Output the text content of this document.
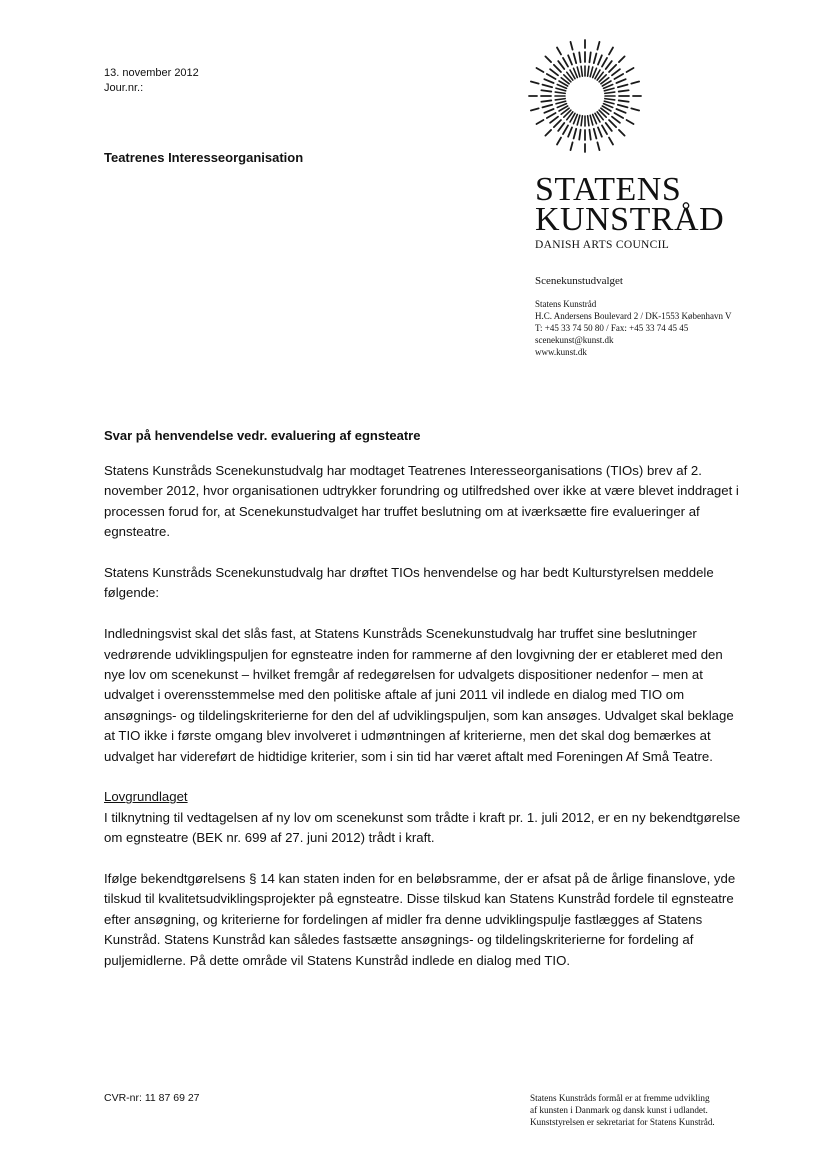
13. november 2012
Jour.nr.:
Teatrenes Interesseorganisation
STATENS
KUNSTRÅD
DANISH ARTS COUNCIL
Scenekunstudvalget
Statens Kunstråd
H.C. Andersens Boulevard 2 / DK-1553 København V
T: +45 33 74 50 80 / Fax: +45 33 74 45 45
scenekunst@kunst.dk
www.kunst.dk
Svar på henvendelse vedr. evaluering af egnsteatre

Statens Kunstråds Scenekunstudvalg har modtaget Teatrenes Interesseorganisations (TIOs) brev af 2. november 2012, hvor organisationen udtrykker forundring og utilfredshed over ikke at være blevet inddraget i processen forud for, at Scenekunstudvalget har truffet beslutning om at iværksætte fire evalueringer af egnsteatre.

Statens Kunstråds Scenekunstudvalg har drøftet TIOs henvendelse og har bedt Kulturstyrelsen meddele følgende:

Indledningsvist skal det slås fast, at Statens Kunstråds Scenekunstudvalg har truffet sine beslutninger vedrørende udviklingspuljen for egnsteatre inden for rammerne af den lovgivning der er etableret med den nye lov om scenekunst – hvilket fremgår af redegørelsen for udvalgets dispositioner nedenfor – men at udvalget i overensstemmelse med den politiske aftale af juni 2011 vil indlede en dialog med TIO om ansøgnings- og tildelingskriterierne for den del af udviklingspuljen, som kan ansøges. Udvalget skal beklage at TIO ikke i første omgang blev involveret i udmøntningen af kriterierne, men det skal dog bemærkes at udvalget har videreført de hidtidige kriterier, som i sin tid har været aftalt med Foreningen Af Små Teatre.

Lovgrundlaget
I tilknytning til vedtagelsen af ny lov om scenekunst som trådte i kraft pr. 1. juli 2012, er en ny bekendtgørelse om egnsteatre (BEK nr. 699 af 27. juni 2012) trådt i kraft.

Ifølge bekendtgørelsens § 14 kan staten inden for en beløbsramme, der er afsat på de årlige finanslove, yde tilskud til kvalitetsudviklingsprojekter på egnsteatre. Disse tilskud kan Statens Kunstråd fordele til egnsteatre efter ansøgning, og kriterierne for fordelingen af midler fra denne udviklingspulje fastlægges af Statens Kunstråd. Statens Kunstråd kan således fastsætte ansøgnings- og tildelingskriterierne for fordeling af puljemidlerne. På dette område vil Statens Kunstråd indlede en dialog med TIO.

CVR-nr: 11 87 69 27	Statens Kunstråds formål er at fremme udvikling
af kunsten i Danmark og dansk kunst i udlandet.
Kunststyrelsen er sekretariat for Statens Kunstråd.
